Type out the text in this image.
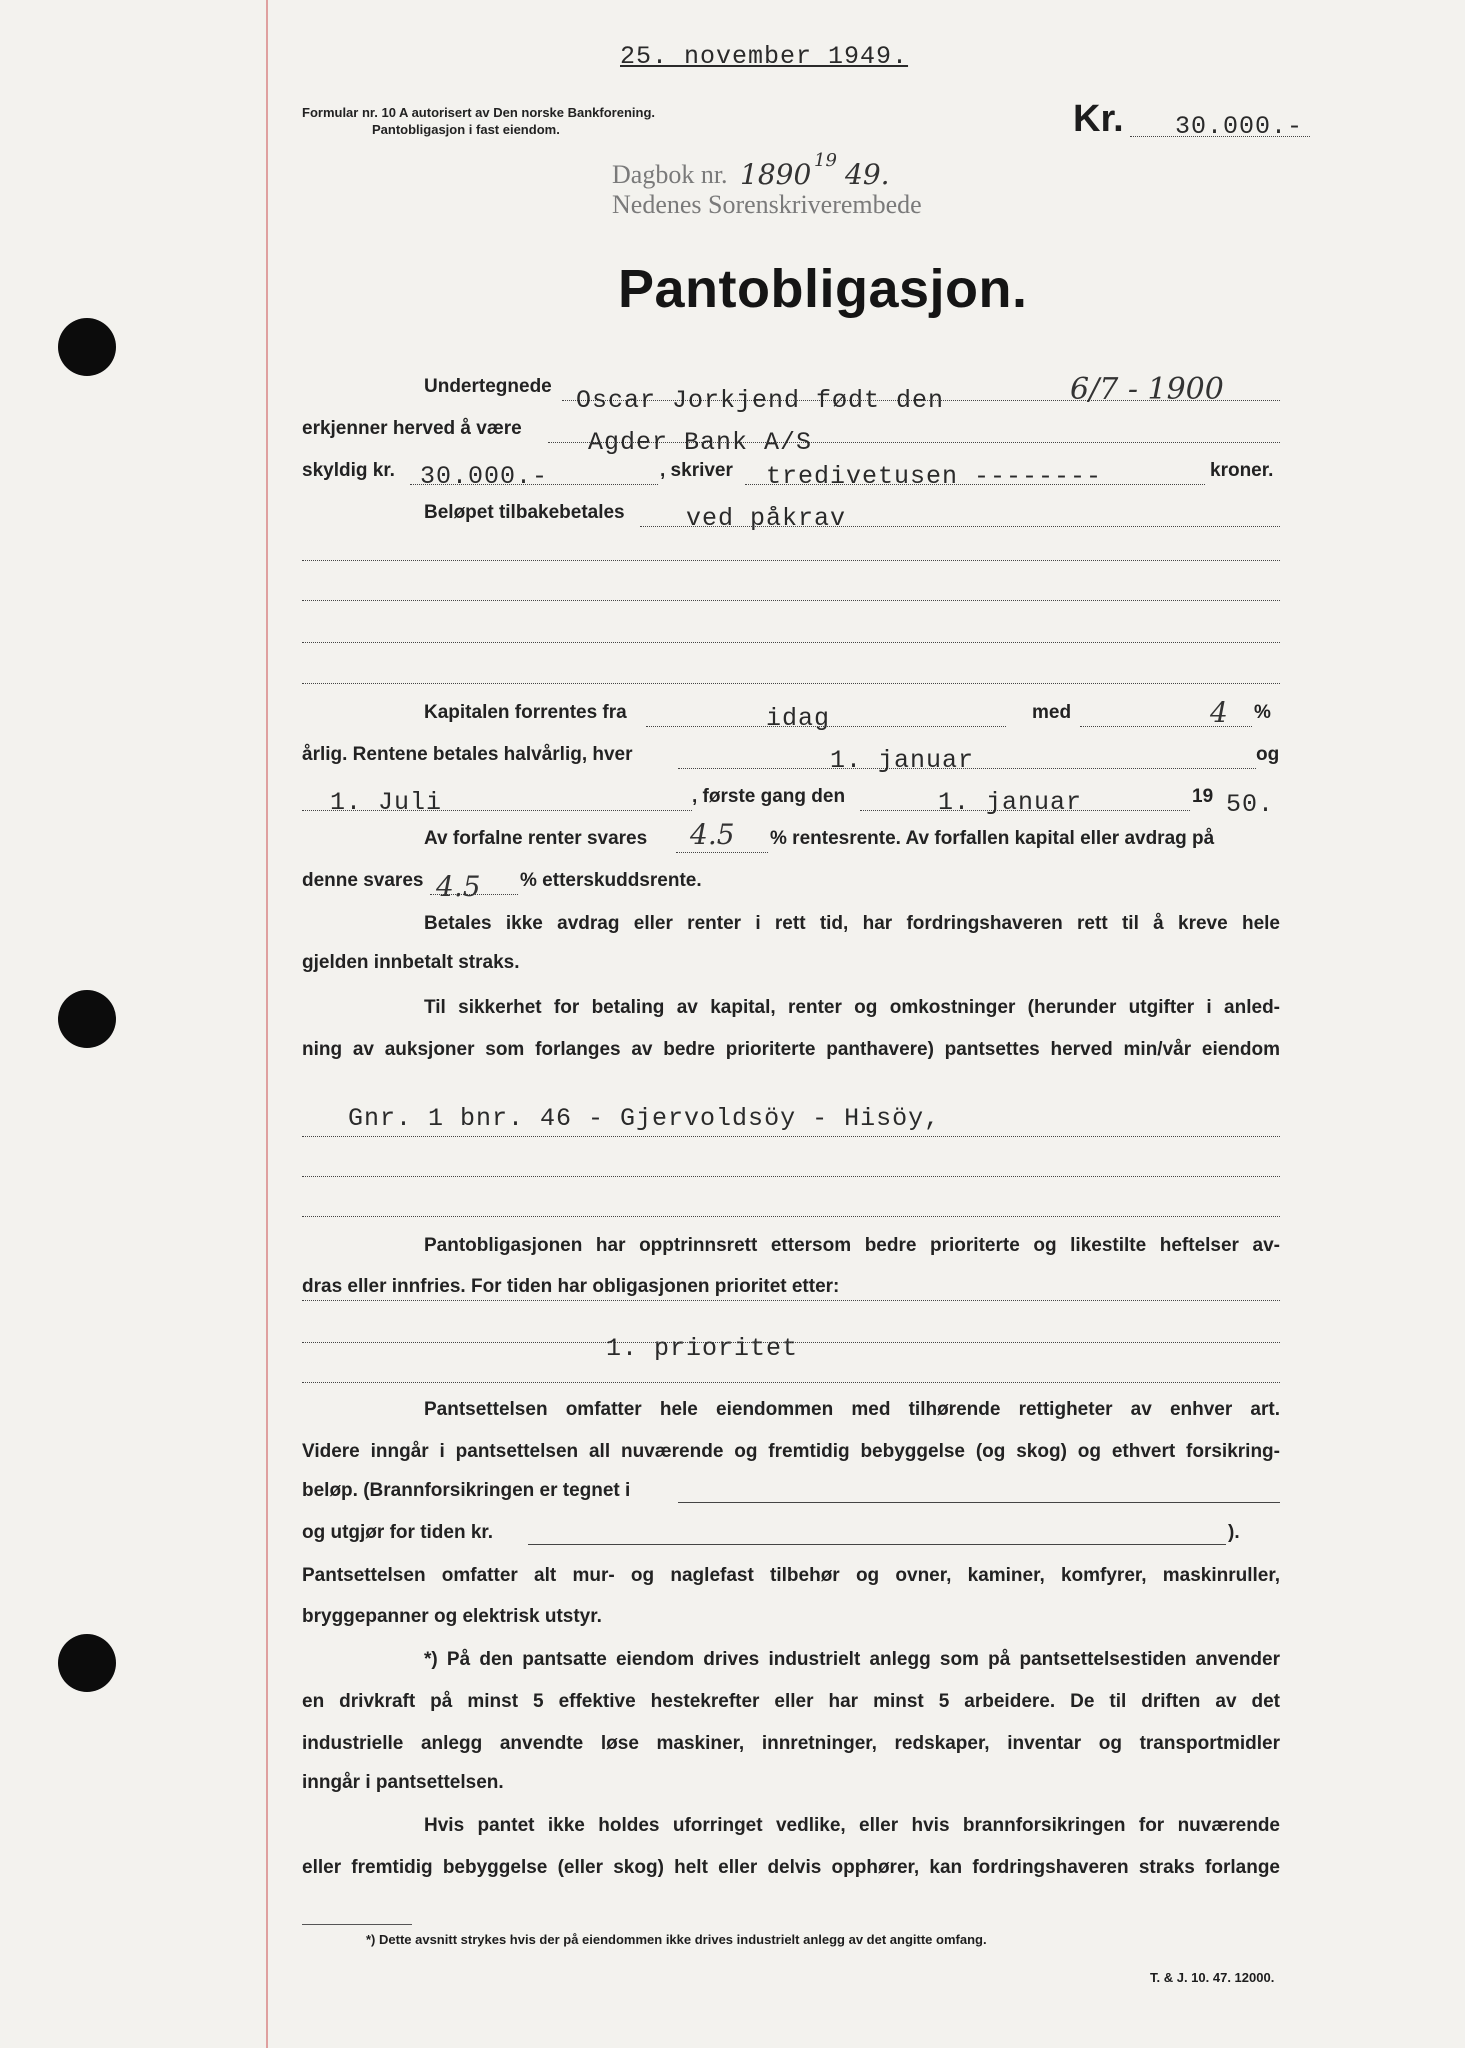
25. november 1949.
Formular nr. 10 A autorisert av Den norske Bankforening.
Pantobligasjon i fast eiendom.	Kr. 30.000.-
Dagbok nr. 1890 19 49.
Nedenes Sorenskriverembede
Pantobligasjon.
Undertegnede Oscar Jorkjend født den	6/7 - 1900
erkjenner herved å være	Agder Bank A/S
skyldig kr. 30.000.-	, skriver tredivetusen --------	kroner.
Beløpet tilbakebetales ved påkrav
Kapitalen forrentes fra	idag	med	4 %
årlig. Rentene betales halvårlig, hver	1. januar	og
1. Juli	, første gang den	1. januar	19 50.
Av forfalne renter svares 4.5 % rentesrente. Av forfallen kapital eller avdrag på
denne svares 4.5 % etterskuddsrente.
Betales ikke avdrag eller renter i rett tid, har fordringshaveren rett til å kreve hele
gjelden innbetalt straks.
Til sikkerhet for betaling av kapital, renter og omkostninger (herunder utgifter i anled-
ning av auksjoner som forlanges av bedre prioriterte panthavere) pantsettes herved min/vår eiendom
Gnr. 1 bnr. 46 - Gjervoldsöy - Hisöy,
Pantobligasjonen har opptrinnsrett ettersom bedre prioriterte og likestilte heftelser av-
dras eller innfries. For tiden har obligasjonen prioritet etter:
1. prioritet
Pantsettelsen omfatter hele eiendommen med tilhørende rettigheter av enhver art.
Videre inngår i pantsettelsen all nuværende og fremtidig bebyggelse (og skog) og ethvert forsikring-
beløp. (Brannforsikringen er tegnet i
og utgjør for tiden kr.	).
Pantsettelsen omfatter alt mur- og naglefast tilbehør og ovner, kaminer, komfyrer, maskinruller,
bryggepanner og elektrisk utstyr.
*) På den pantsatte eiendom drives industrielt anlegg som på pantsettelsestiden anvender
en drivkraft på minst 5 effektive hestekrefter eller har minst 5 arbeidere. De til driften av det
industrielle anlegg anvendte løse maskiner, innretninger, redskaper, inventar og transportmidler
inngår i pantsettelsen.
Hvis pantet ikke holdes uforringet vedlike, eller hvis brannforsikringen for nuværende
eller fremtidig bebyggelse (eller skog) helt eller delvis opphører, kan fordringshaveren straks forlange
*) Dette avsnitt strykes hvis der på eiendommen ikke drives industrielt anlegg av det angitte omfang.
T. & J. 10. 47. 12000.
